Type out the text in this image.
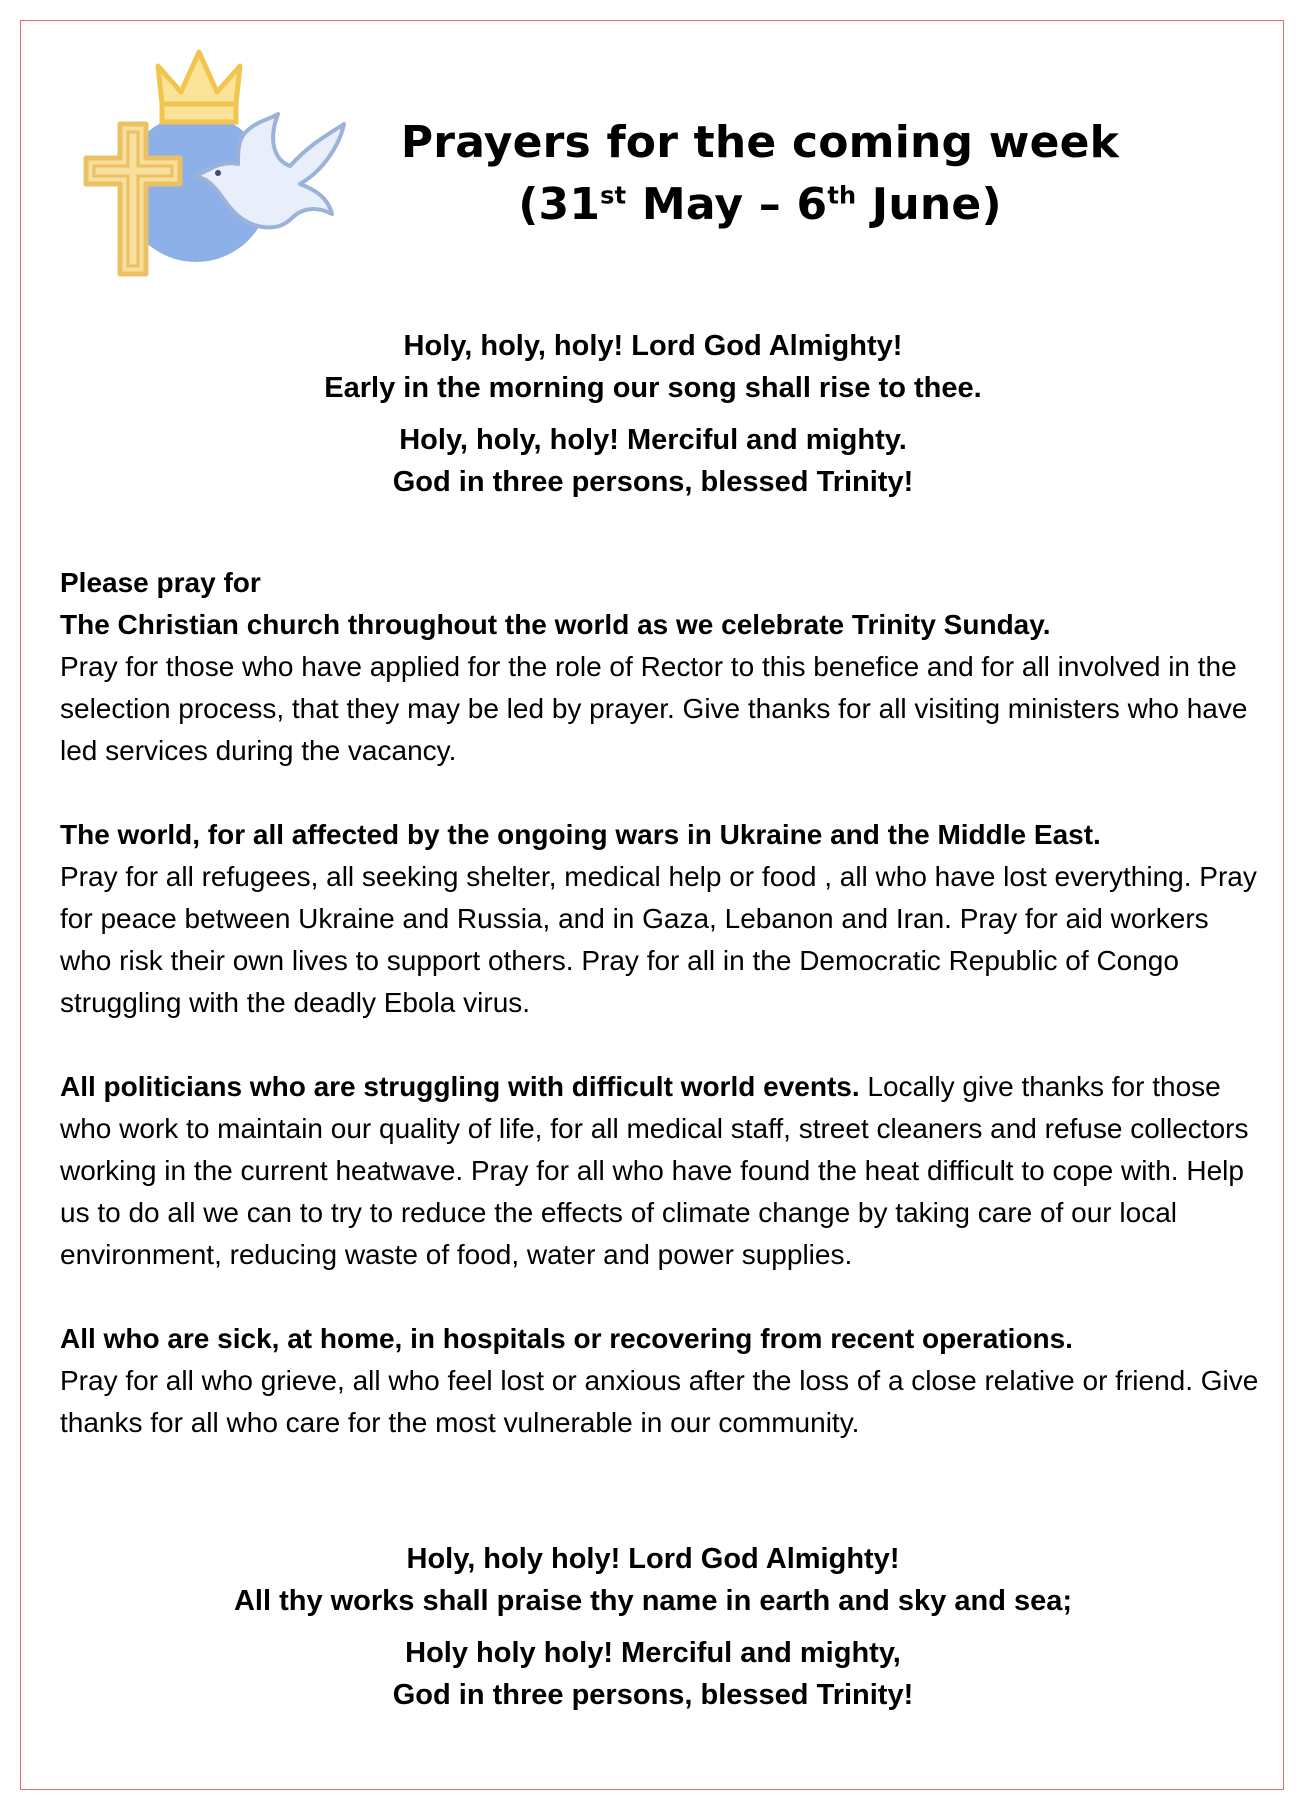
Prayers for the coming week
(31st May – 6th June)

Holy, holy, holy! Lord God Almighty!

Early in the morning our song shall rise to thee.

Holy, holy, holy! Merciful and mighty.

God in three persons, blessed Trinity!

Please pray for

The Christian church throughout the world as we celebrate Trinity Sunday.
Pray for those who have applied for the role of Rector to this benefice and for all involved in the selection process, that they may be led by prayer. Give thanks for all visiting ministers who have led services during the vacancy.

The world, for all affected by the ongoing wars in Ukraine and the Middle East.
Pray for all refugees, all seeking shelter, medical help or food , all who have lost everything. Pray for peace between Ukraine and Russia, and in Gaza, Lebanon and Iran. Pray for aid workers who risk their own lives to support others. Pray for all in the Democratic Republic of Congo struggling with the deadly Ebola virus.

All politicians who are struggling with difficult world events. Locally give thanks for those who work to maintain our quality of life, for all medical staff, street cleaners and refuse collectors working in the current heatwave. Pray for all who have found the heat difficult to cope with. Help us to do all we can to try to reduce the effects of climate change by taking care of our local environment, reducing waste of food, water and power supplies.

All who are sick, at home, in hospitals or recovering from recent operations.
Pray for all who grieve, all who feel lost or anxious after the loss of a close relative or friend. Give thanks for all who care for the most vulnerable in our community.

Holy, holy holy! Lord God Almighty!

All thy works shall praise thy name in earth and sky and sea;

Holy holy holy! Merciful and mighty,

God in three persons, blessed Trinity!
